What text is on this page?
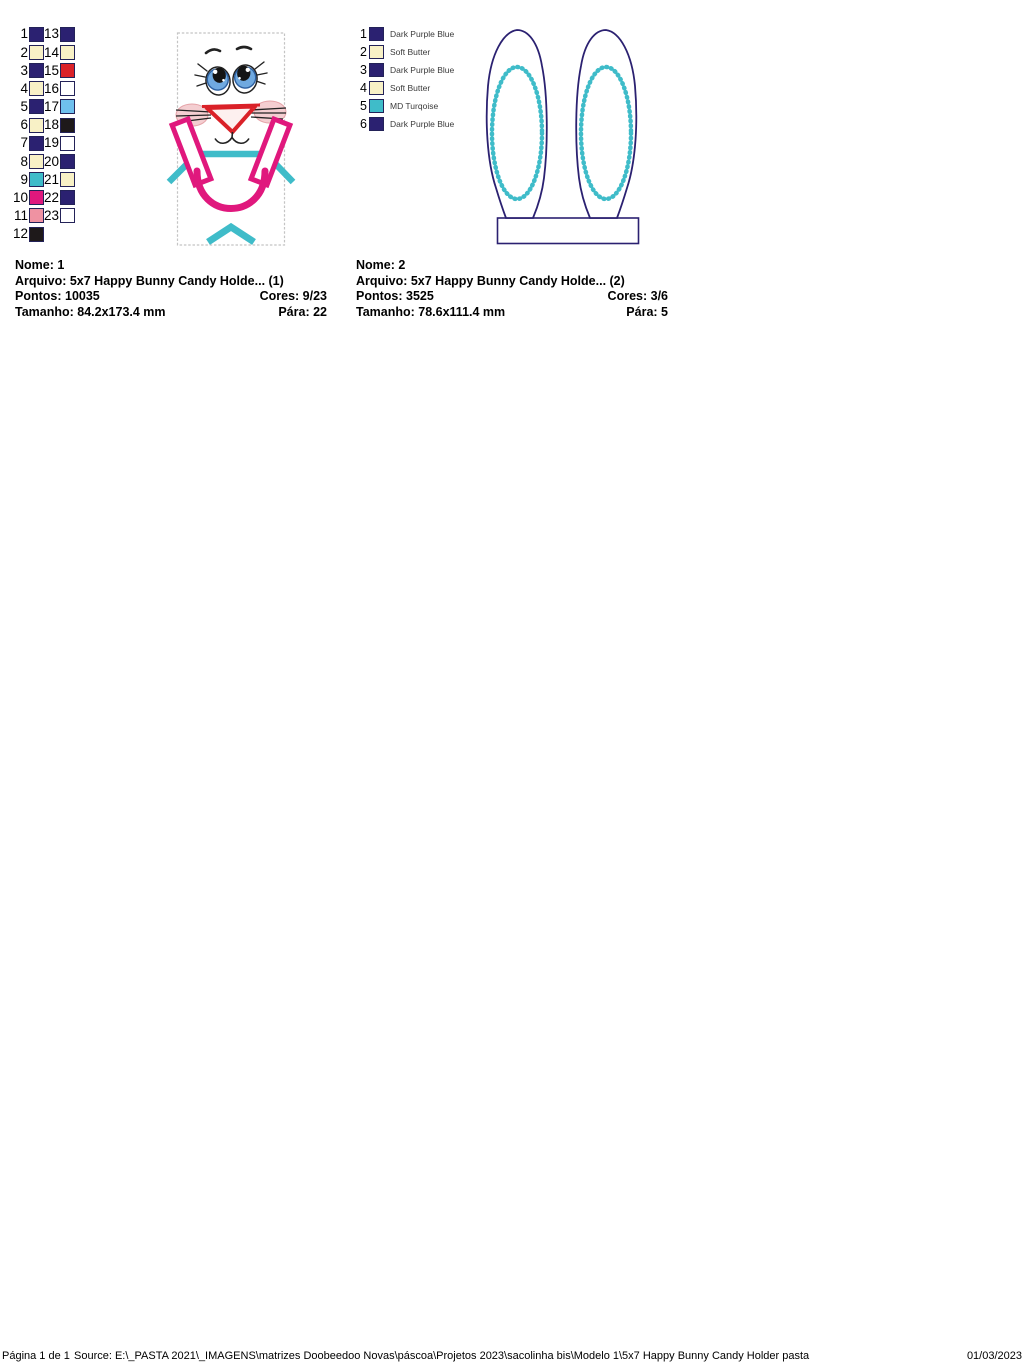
1 13
2 14
3 15
4 16
5 17
6 18
7 19
8 20
9 21
10 22
11 23
12
1	Dark Purple Blue
2	Soft Butter
3	Dark Purple Blue
4	Soft Butter
5	MD Turqoise
6	Dark Purple Blue
Nome: 1
Arquivo: 5x7 Happy Bunny Candy Holde... (1)
Pontos: 10035	Cores: 9/23
Tamanho: 84.2x173.4 mm	Pára: 22
Nome: 2
Arquivo: 5x7 Happy Bunny Candy Holde... (2)
Pontos: 3525	Cores: 3/6
Tamanho: 78.6x111.4 mm	Pára: 5
Página 1 de 1 Source: E:\_PASTA 2021\_IMAGENS\matrizes Doobeedoo Novas\páscoa\Projetos 2023\sacolinha bis\Modelo 1\5x7 Happy Bunny Candy Holder pasta	01/03/2023
